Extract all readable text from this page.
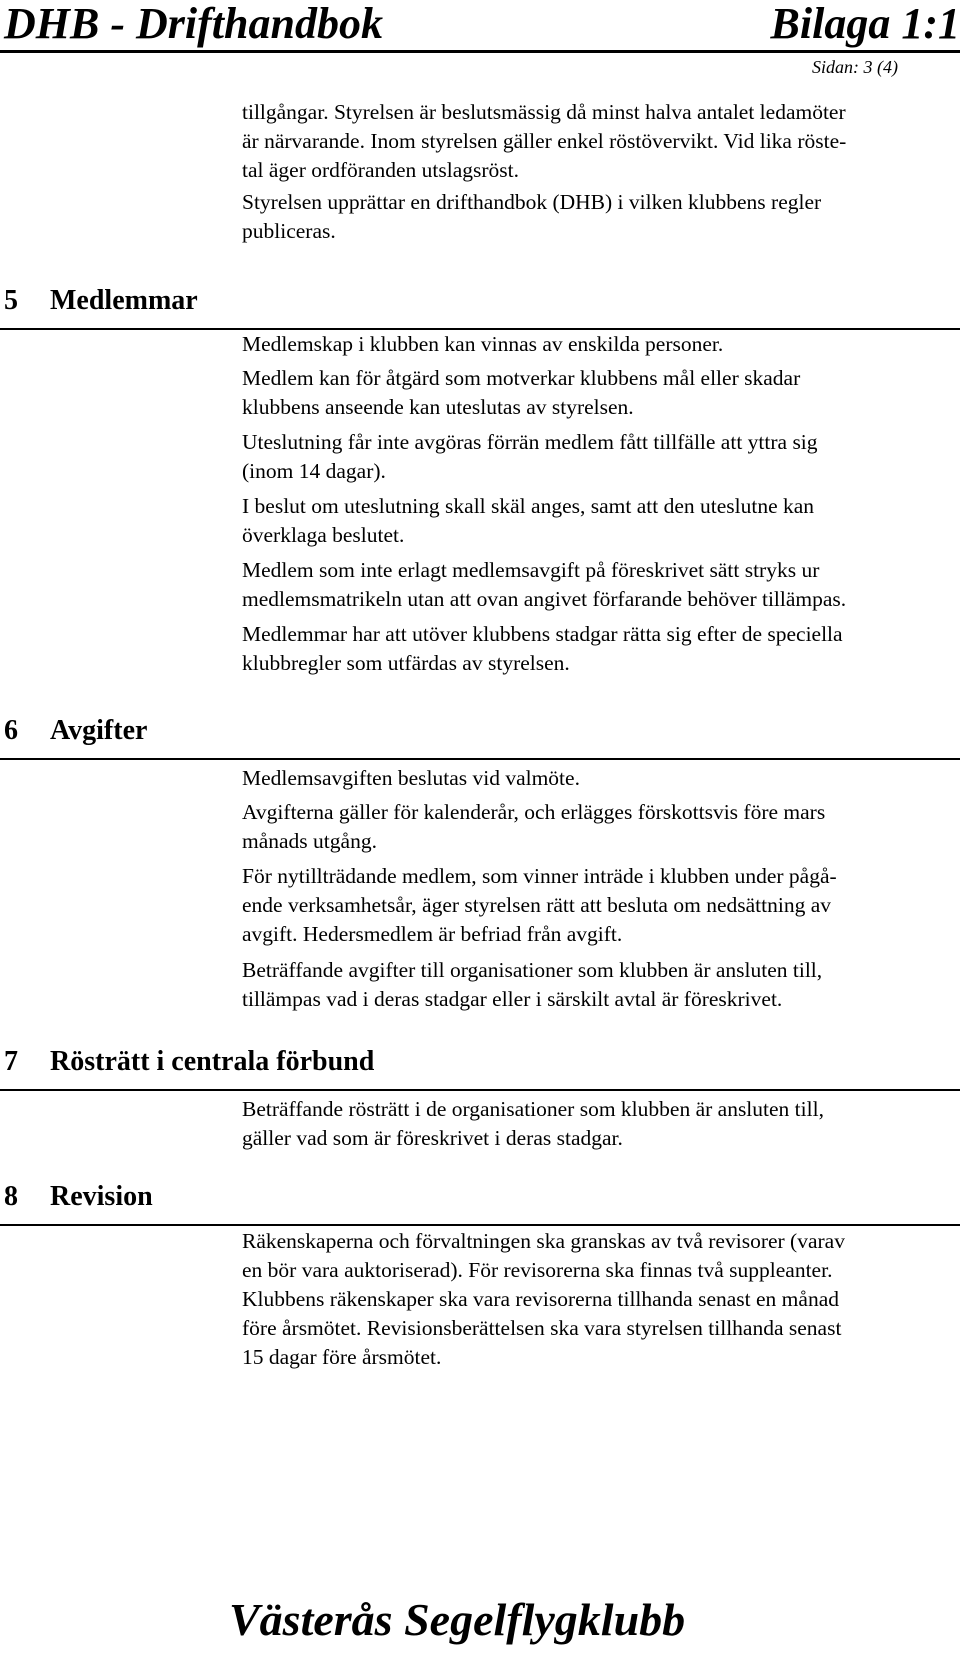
DHB - Drifthandbok	Bilaga 1:1
Sidan: 3 (4)

tillgångar. Styrelsen är beslutsmässig då minst halva antalet ledamöter
är närvarande. Inom styrelsen gäller enkel röstövervikt. Vid lika röste-
tal äger ordföranden utslagsröst.

Styrelsen upprättar en drifthandbok (DHB) i vilken klubbens regler
publiceras.

5 Medlemmar

Medlemskap i klubben kan vinnas av enskilda personer.

Medlem kan för åtgärd som motverkar klubbens mål eller skadar
klubbens anseende kan uteslutas av styrelsen.

Uteslutning får inte avgöras förrän medlem fått tillfälle att yttra sig
(inom 14 dagar).

I beslut om uteslutning skall skäl anges, samt att den uteslutne kan
överklaga beslutet.

Medlem som inte erlagt medlemsavgift på föreskrivet sätt stryks ur
medlemsmatrikeln utan att ovan angivet förfarande behöver tillämpas.

Medlemmar har att utöver klubbens stadgar rätta sig efter de speciella
klubbregler som utfärdas av styrelsen.

6 Avgifter

Medlemsavgiften beslutas vid valmöte.

Avgifterna gäller för kalenderår, och erlägges förskottsvis före mars
månads utgång.

För nytillträdande medlem, som vinner inträde i klubben under pågå-
ende verksamhetsår, äger styrelsen rätt att besluta om nedsättning av
avgift. Hedersmedlem är befriad från avgift.

Beträffande avgifter till organisationer som klubben är ansluten till,
tillämpas vad i deras stadgar eller i särskilt avtal är föreskrivet.

7 Rösträtt i centrala förbund

Beträffande rösträtt i de organisationer som klubben är ansluten till,
gäller vad som är föreskrivet i deras stadgar.

8 Revision

Räkenskaperna och förvaltningen ska granskas av två revisorer (varav
en bör vara auktoriserad). För revisorerna ska finnas två suppleanter.
Klubbens räkenskaper ska vara revisorerna tillhanda senast en månad
före årsmötet. Revisionsberättelsen ska vara styrelsen tillhanda senast
15 dagar före årsmötet.

Västerås Segelflygklubb
